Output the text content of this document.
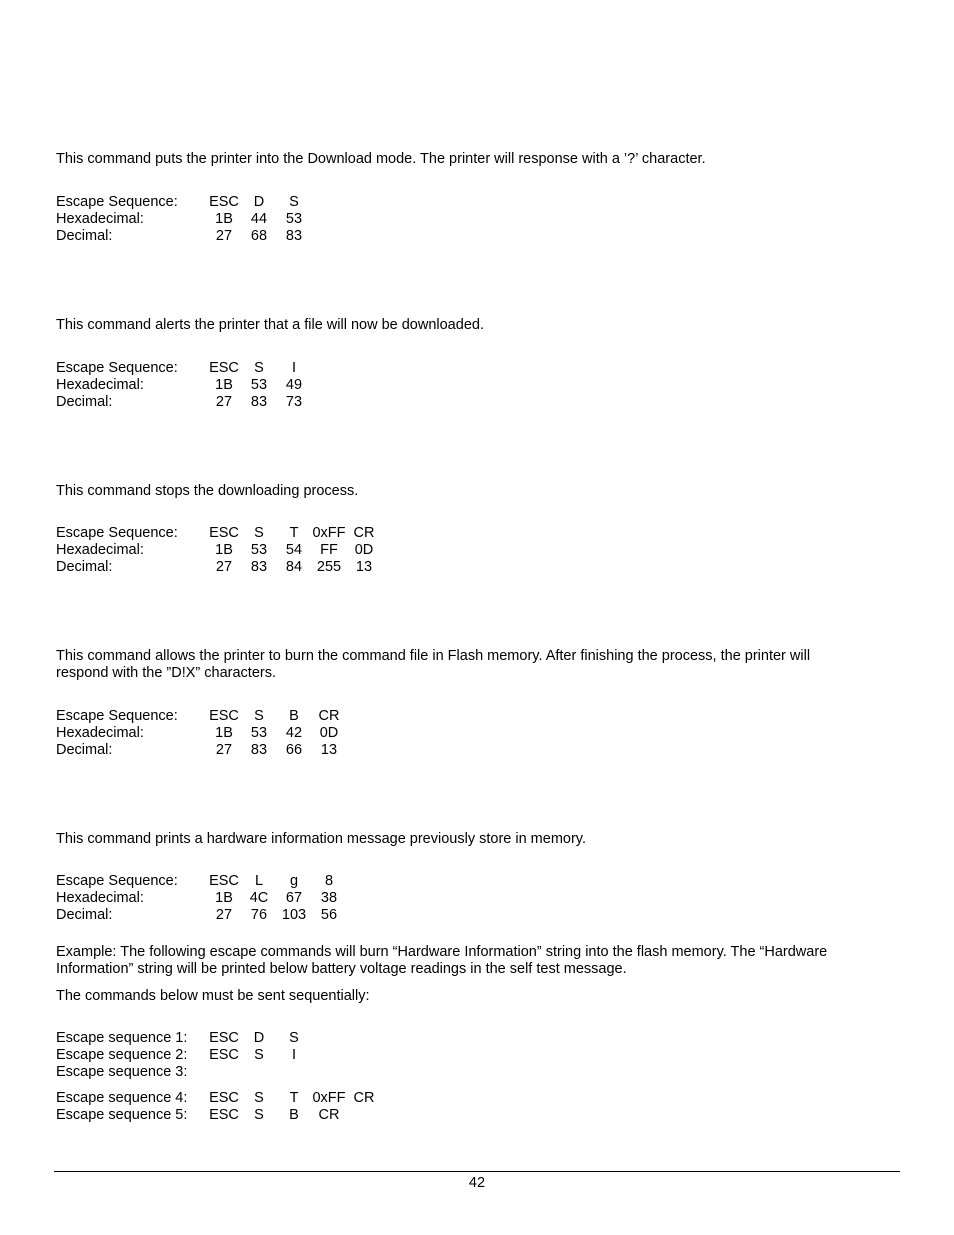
This command puts the printer into the Download mode. The printer will response with a ’?’ character.

Escape Sequence:	ESC	D	S
Hexadecimal:	1B	44	53
Decimal:	27	68	83

This command alerts the printer that a file will now be downloaded.

Escape Sequence:	ESC	S	I
Hexadecimal:	1B	53	49
Decimal:	27	83	73

This command stops the downloading process.

Escape Sequence:	ESC	S	T 0xFF CR
Hexadecimal:	1B	53	54	FF	0D
Decimal:	27	83	84	255	13

This command allows the printer to burn the command file in Flash memory. After finishing the process, the printer will respond with the ”D!X” characters.

Escape Sequence:	ESC	S	B	CR
Hexadecimal:	1B	53	42	0D
Decimal:	27	83	66	13

This command prints a hardware information message previously store in memory.

Escape Sequence:	ESC	L	g	8
Hexadecimal:	1B	4C	67	38
Decimal:	27	76	103	56

Example: The following escape commands will burn “Hardware Information” string into the flash memory. The “Hardware Information” string will be printed below battery voltage readings in the self test message.

The commands below must be sent sequentially:

Escape sequence 1:	ESC	D	S
Escape sequence 2:	ESC	S	I
Escape sequence 3:
Escape sequence 4:	ESC	S	T 0xFF CR
Escape sequence 5:	ESC	S	B	CR
42
